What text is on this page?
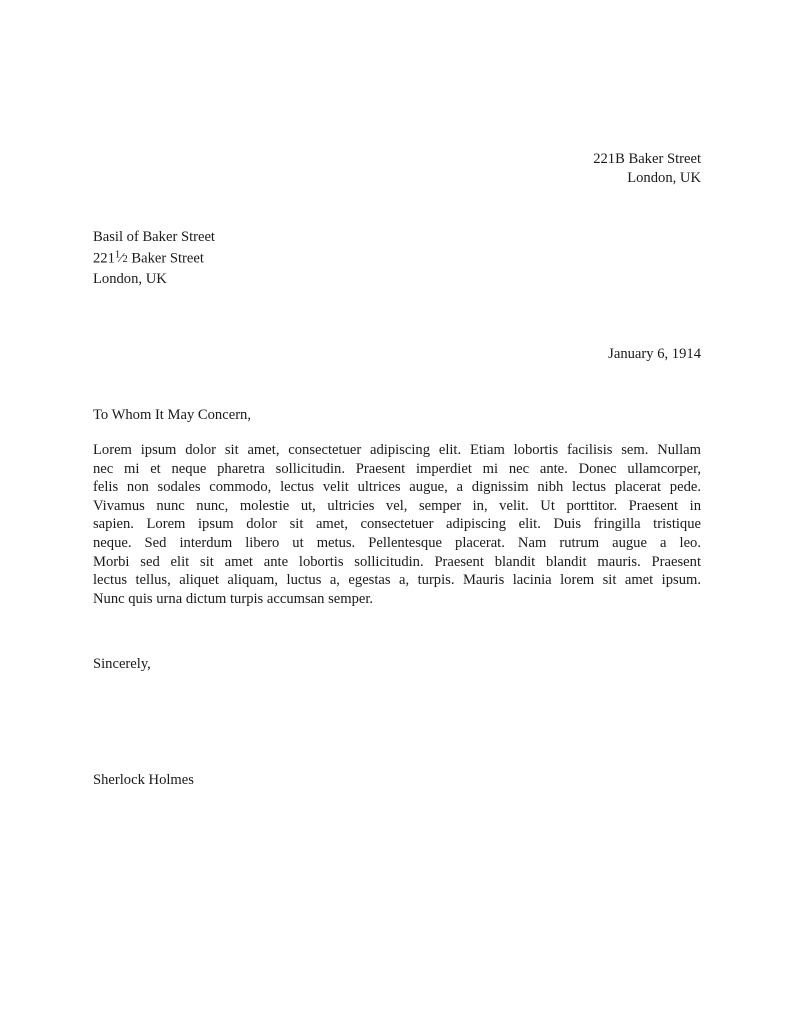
221B Baker Street
London, UK
Basil of Baker Street
$221^1⁄2$ Baker Street
London, UK
January 6, 1914
To Whom It May Concern,
Lorem ipsum dolor sit amet, consectetuer adipiscing elit. Etiam lobortis facilisis sem. Nullam
nec mi et neque pharetra sollicitudin. Praesent imperdiet mi nec ante. Donec ullamcorper,
felis non sodales commodo, lectus velit ultrices augue, a dignissim nibh lectus placerat pede.
Vivamus nunc nunc, molestie ut, ultricies vel, semper in, velit. Ut porttitor. Praesent in
sapien. Lorem ipsum dolor sit amet, consectetuer adipiscing elit. Duis fringilla tristique
neque. Sed interdum libero ut metus. Pellentesque placerat. Nam rutrum augue a leo.
Morbi sed elit sit amet ante lobortis sollicitudin. Praesent blandit blandit mauris. Praesent
lectus tellus, aliquet aliquam, luctus a, egestas a, turpis. Mauris lacinia lorem sit amet ipsum.
Nunc quis urna dictum turpis accumsan semper.
Sincerely,
Sherlock Holmes
